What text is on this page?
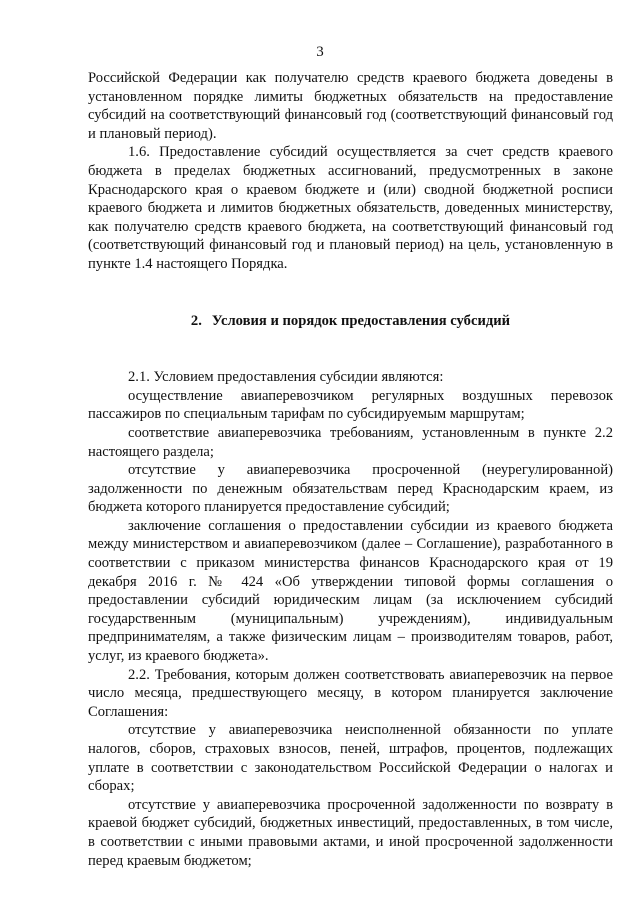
3

Российской Федерации как получателю средств краевого бюджета доведены в установленном порядке лимиты бюджетных обязательств на предоставление субсидий на соответствующий финансовый год (соответствующий финансовый год и плановый период).

1.6. Предоставление субсидий осуществляется за счет средств краевого бюджета в пределах бюджетных ассигнований, предусмотренных в законе Краснодарского края о краевом бюджете и (или) сводной бюджетной росписи краевого бюджета и лимитов бюджетных обязательств, доведенных министерству, как получателю средств краевого бюджета, на соответствующий финансовый год (соответствующий финансовый год и плановый период) на цель, установленную в пункте 1.4 настоящего Порядка.

2. Условия и порядок предоставления субсидий

2.1. Условием предоставления субсидии являются:

осуществление авиаперевозчиком регулярных воздушных перевозок пассажиров по специальным тарифам по субсидируемым маршрутам;

соответствие авиаперевозчика требованиям, установленным в пункте 2.2 настоящего раздела;

отсутствие у авиаперевозчика просроченной (неурегулированной) задолженности по денежным обязательствам перед Краснодарским краем, из бюджета которого планируется предоставление субсидий;

заключение соглашения о предоставлении субсидии из краевого бюджета между министерством и авиаперевозчиком (далее – Соглашение), разработанного в соответствии с приказом министерства финансов Краснодарского края от 19 декабря 2016 г. № 424 «Об утверждении типовой формы соглашения о предоставлении субсидий юридическим лицам (за исключением субсидий государственным (муниципальным) учреждениям), индивидуальным предпринимателям, а также физическим лицам – производителям товаров, работ, услуг, из краевого бюджета».

2.2. Требования, которым должен соответствовать авиаперевозчик на первое число месяца, предшествующего месяцу, в котором планируется заключение Соглашения:

отсутствие у авиаперевозчика неисполненной обязанности по уплате налогов, сборов, страховых взносов, пеней, штрафов, процентов, подлежащих уплате в соответствии с законодательством Российской Федерации о налогах и сборах;

отсутствие у авиаперевозчика просроченной задолженности по возврату в краевой бюджет субсидий, бюджетных инвестиций, предоставленных, в том числе, в соответствии с иными правовыми актами, и иной просроченной задолженности перед краевым бюджетом;
